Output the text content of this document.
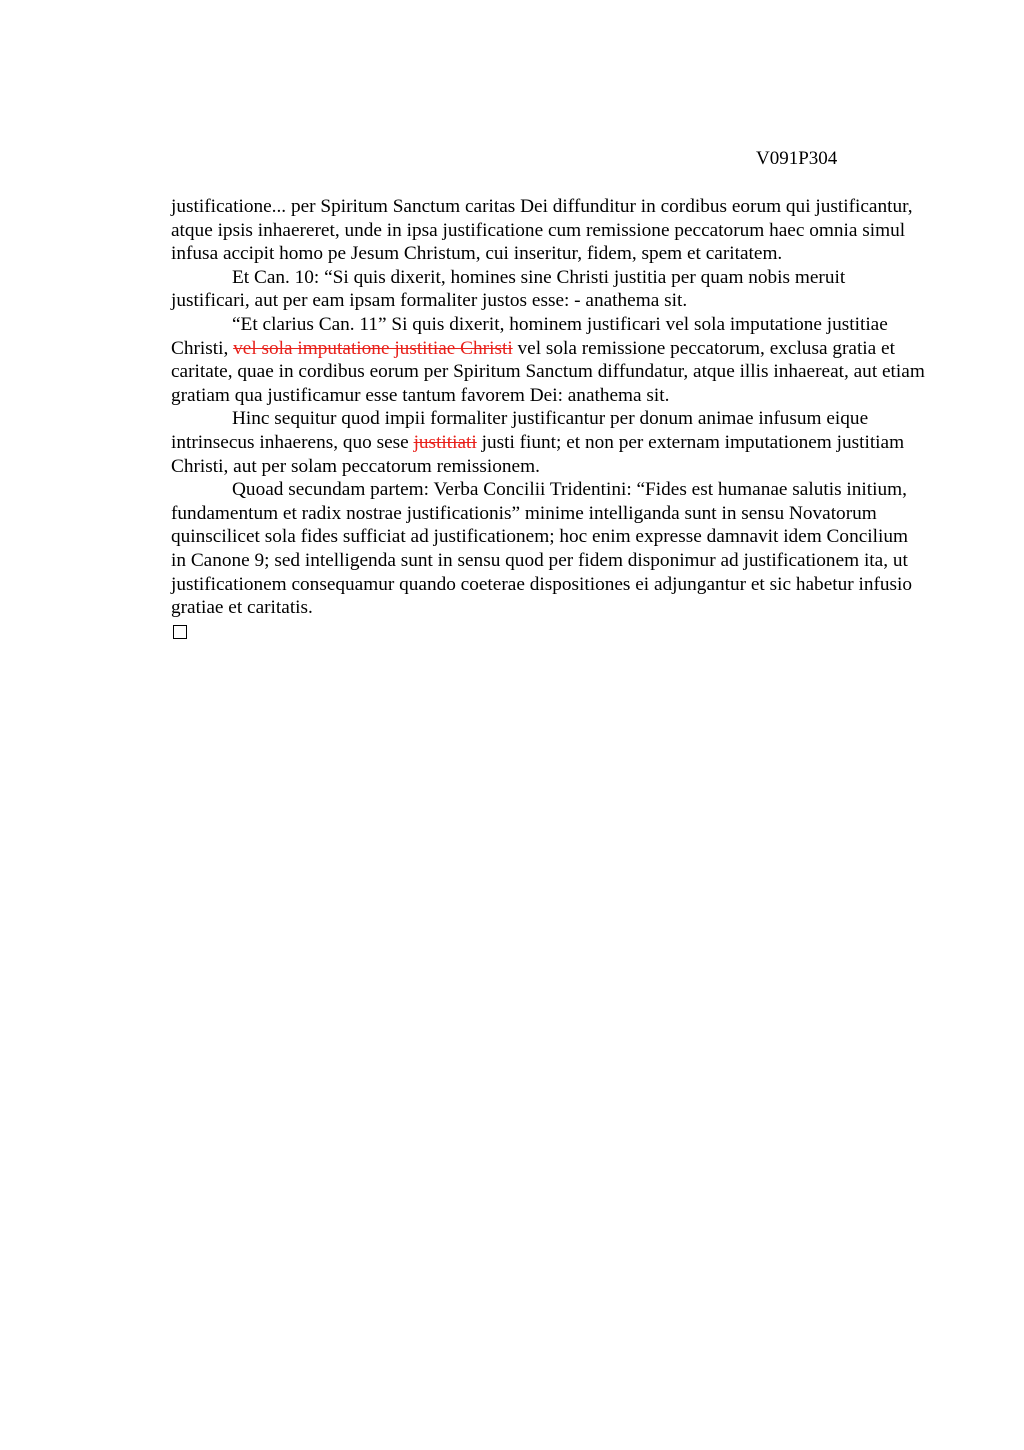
V091P304

justificatione... per Spiritum Sanctum caritas Dei diffunditur in cordibus eorum qui justificantur, atque ipsis inhaereret, unde in ipsa justificatione cum remissione peccatorum haec omnia simul infusa accipit homo pe Jesum Christum, cui inseritur, fidem, spem et caritatem.

Et Can. 10: “Si quis dixerit, homines sine Christi justitia per quam nobis meruit justificari, aut per eam ipsam formaliter justos esse: - anathema sit.

“Et clarius Can. 11” Si quis dixerit, hominem justificari vel sola imputatione justitiae Christi, vel sola imputatione justitiae Christi vel sola remissione peccatorum, exclusa gratia et caritate, quae in cordibus eorum per Spiritum Sanctum diffundatur, atque illis inhaereat, aut etiam gratiam qua justificamur esse tantum favorem Dei: anathema sit.

Hinc sequitur quod impii formaliter justificantur per donum animae infusum eique intrinsecus inhaerens, quo sese justitiati justi fiunt; et non per externam imputationem justitiam Christi, aut per solam peccatorum remissionem.

Quoad secundam partem: Verba Concilii Tridentini: “Fides est humanae salutis initium, fundamentum et radix nostrae justificationis” minime intelliganda sunt in sensu Novatorum quinscilicet sola fides sufficiat ad justificationem; hoc enim expresse damnavit idem Concilium in Canone 9; sed intelligenda sunt in sensu quod per fidem disponimur ad justificationem ita, ut justificationem consequamur quando coeterae dispositiones ei adjungantur et sic habetur infusio gratiae et caritatis.
